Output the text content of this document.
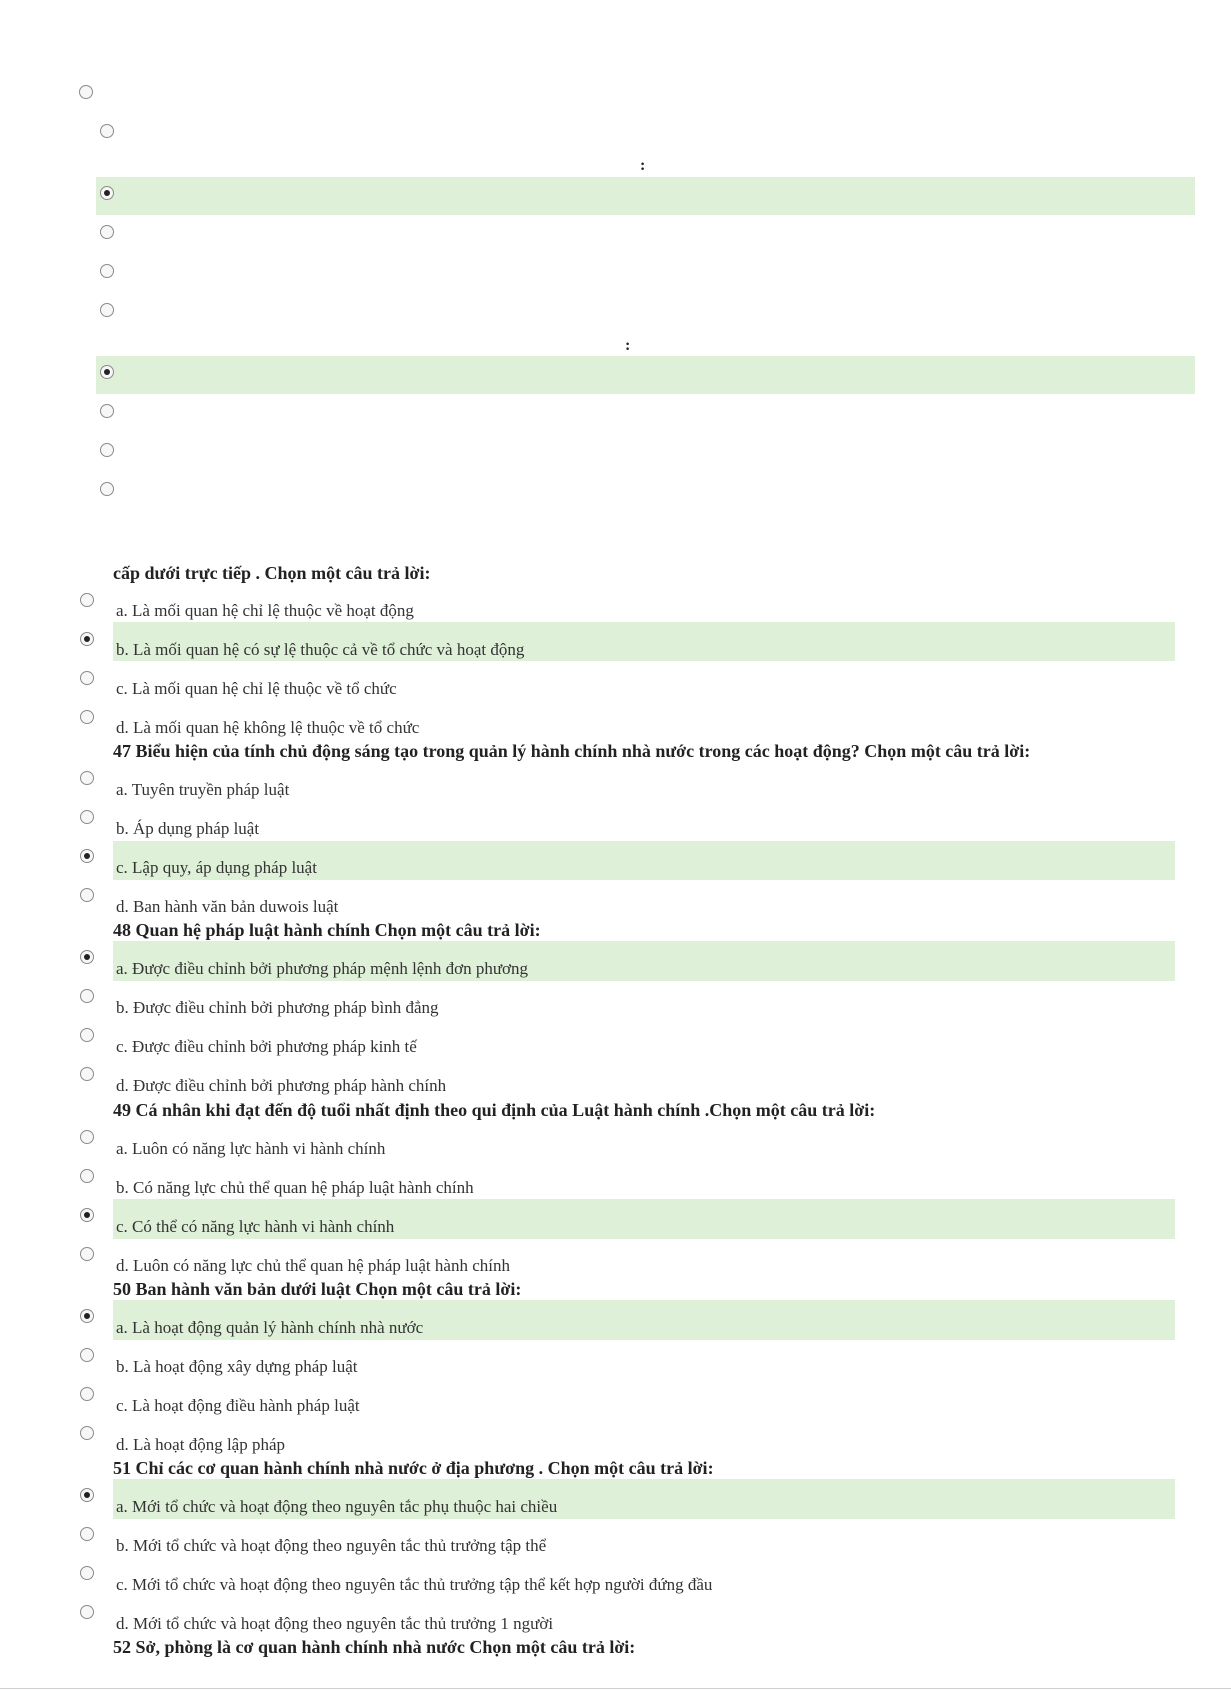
:
:
cấp dưới trực tiếp . Chọn một câu trả lời:
a. Là mối quan hệ chỉ lệ thuộc về hoạt động
b. Là mối quan hệ có sự lệ thuộc cả về tổ chức và hoạt động
c. Là mối quan hệ chỉ lệ thuộc về tổ chức
d. Là mối quan hệ không lệ thuộc về tổ chức
47 Biểu hiện của tính chủ động sáng tạo trong quản lý hành chính nhà nước trong các hoạt động? Chọn một câu trả lời:
a. Tuyên truyền pháp luật
b. Áp dụng pháp luật
c. Lập quy, áp dụng pháp luật
d. Ban hành văn bản duwois luật
48 Quan hệ pháp luật hành chính Chọn một câu trả lời:
a. Được điều chỉnh bởi phương pháp mệnh lệnh đơn phương
b. Được điều chỉnh bởi phương pháp bình đẳng
c. Được điều chỉnh bởi phương pháp kinh tế
d. Được điều chỉnh bởi phương pháp hành chính
49 Cá nhân khi đạt đến độ tuổi nhất định theo qui định của Luật hành chính .Chọn một câu trả lời:
a. Luôn có năng lực hành vi hành chính
b. Có năng lực chủ thể quan hệ pháp luật hành chính
c. Có thể có năng lực hành vi hành chính
d. Luôn có năng lực chủ thể quan hệ pháp luật hành chính
50 Ban hành văn bản dưới luật Chọn một câu trả lời:
a. Là hoạt động quản lý hành chính nhà nước
b. Là hoạt động xây dựng pháp luật
c. Là hoạt động điều hành pháp luật
d. Là hoạt động lập pháp
51 Chỉ các cơ quan hành chính nhà nước ở địa phương . Chọn một câu trả lời:
a. Mới tổ chức và hoạt động theo nguyên tắc phụ thuộc hai chiều
b. Mới tổ chức và hoạt động theo nguyên tắc thủ trưởng tập thể
c. Mới tổ chức và hoạt động theo nguyên tắc thủ trưởng tập thể kết hợp người đứng đầu
d. Mới tổ chức và hoạt động theo nguyên tắc thủ trưởng 1 người
52 Sở, phòng là cơ quan hành chính nhà nước Chọn một câu trả lời:
